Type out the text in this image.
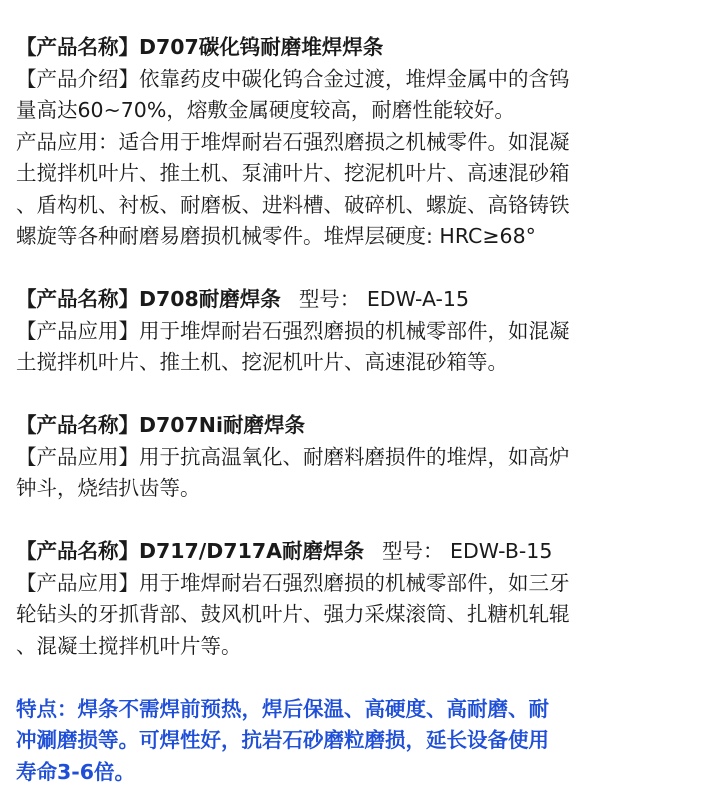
【产品名称】D707碳化钨耐磨堆焊焊条
【产品介绍】依靠药皮中碳化钨合金过渡，堆焊金属中的含钨
量高达60~70%，熔敷金属硬度较高，耐磨性能较好。
产品应用：适合用于堆焊耐岩石强烈磨损之机械零件。如混凝
土搅拌机叶片、推土机、泵浦叶片、挖泥机叶片、高速混砂箱
、盾构机、衬板、耐磨板、进料槽、破碎机、螺旋、高铬铸铁
螺旋等各种耐磨易磨损机械零件。堆焊层硬度: HRC≥68°
【产品名称】D708耐磨焊条 型号： EDW-A-15
【产品应用】用于堆焊耐岩石强烈磨损的机械零部件，如混凝
土搅拌机叶片、推土机、挖泥机叶片、高速混砂箱等。
【产品名称】D707Ni耐磨焊条
【产品应用】用于抗高温氧化、耐磨料磨损件的堆焊，如高炉
钟斗，烧结扒齿等。
【产品名称】D717/D717A耐磨焊条 型号： EDW-B-15
【产品应用】用于堆焊耐岩石强烈磨损的机械零部件，如三牙
轮钻头的牙抓背部、鼓风机叶片、强力采煤滚筒、扎糖机轧辊
、混凝土搅拌机叶片等。
特点：焊条不需焊前预热，焊后保温、高硬度、高耐磨、耐
冲涮磨损等。可焊性好，抗岩石砂磨粒磨损，延长设备使用
寿命3-6倍。
